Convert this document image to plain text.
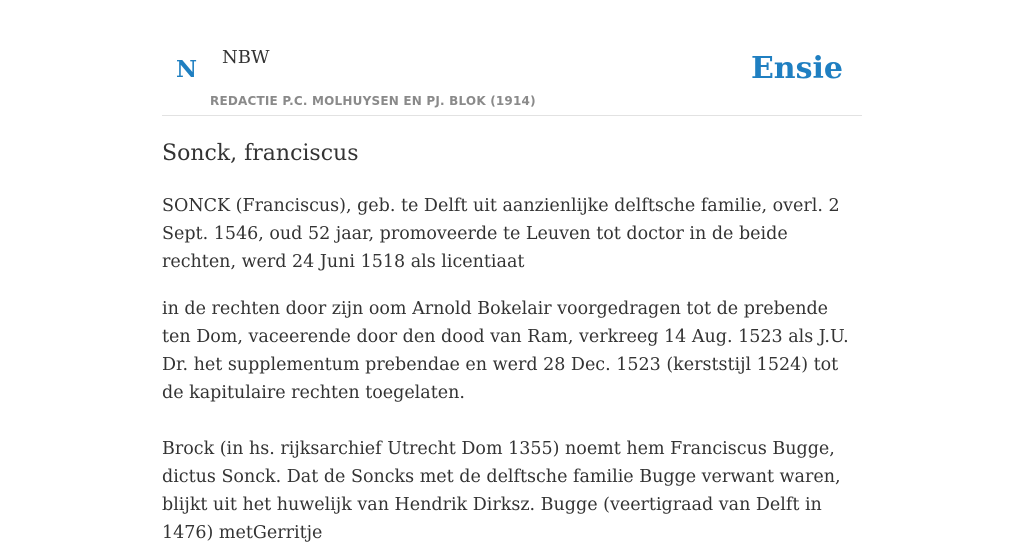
N NBW
REDACTIE P.C. MOLHUYSEN EN PJ. BLOK (1914)
Ensie
Sonck, franciscus

SONCK (Franciscus), geb. te Delft uit aanzienlijke delftsche familie, overl. 2 Sept. 1546, oud 52 jaar, promoveerde te Leuven tot doctor in de beide rechten, werd 24 Juni 1518 als licentiaat

in de rechten door zijn oom Arnold Bokelair voorgedragen tot de prebende ten Dom, vaceerende door den dood van Ram, verkreeg 14 Aug. 1523 als J.U. Dr. het supplementum prebendae en werd 28 Dec. 1523 (kerststijl 1524) tot de kapitulaire rechten toegelaten.

Brock (in hs. rijksarchief Utrecht Dom 1355) noemt hem Franciscus Bugge, dictus Sonck. Dat de Soncks met de delftsche familie Bugge verwant waren, blijkt uit het huwelijk van Hendrik Dirksz. Bugge (veertigraad van Delft in 1476) metGerritje
